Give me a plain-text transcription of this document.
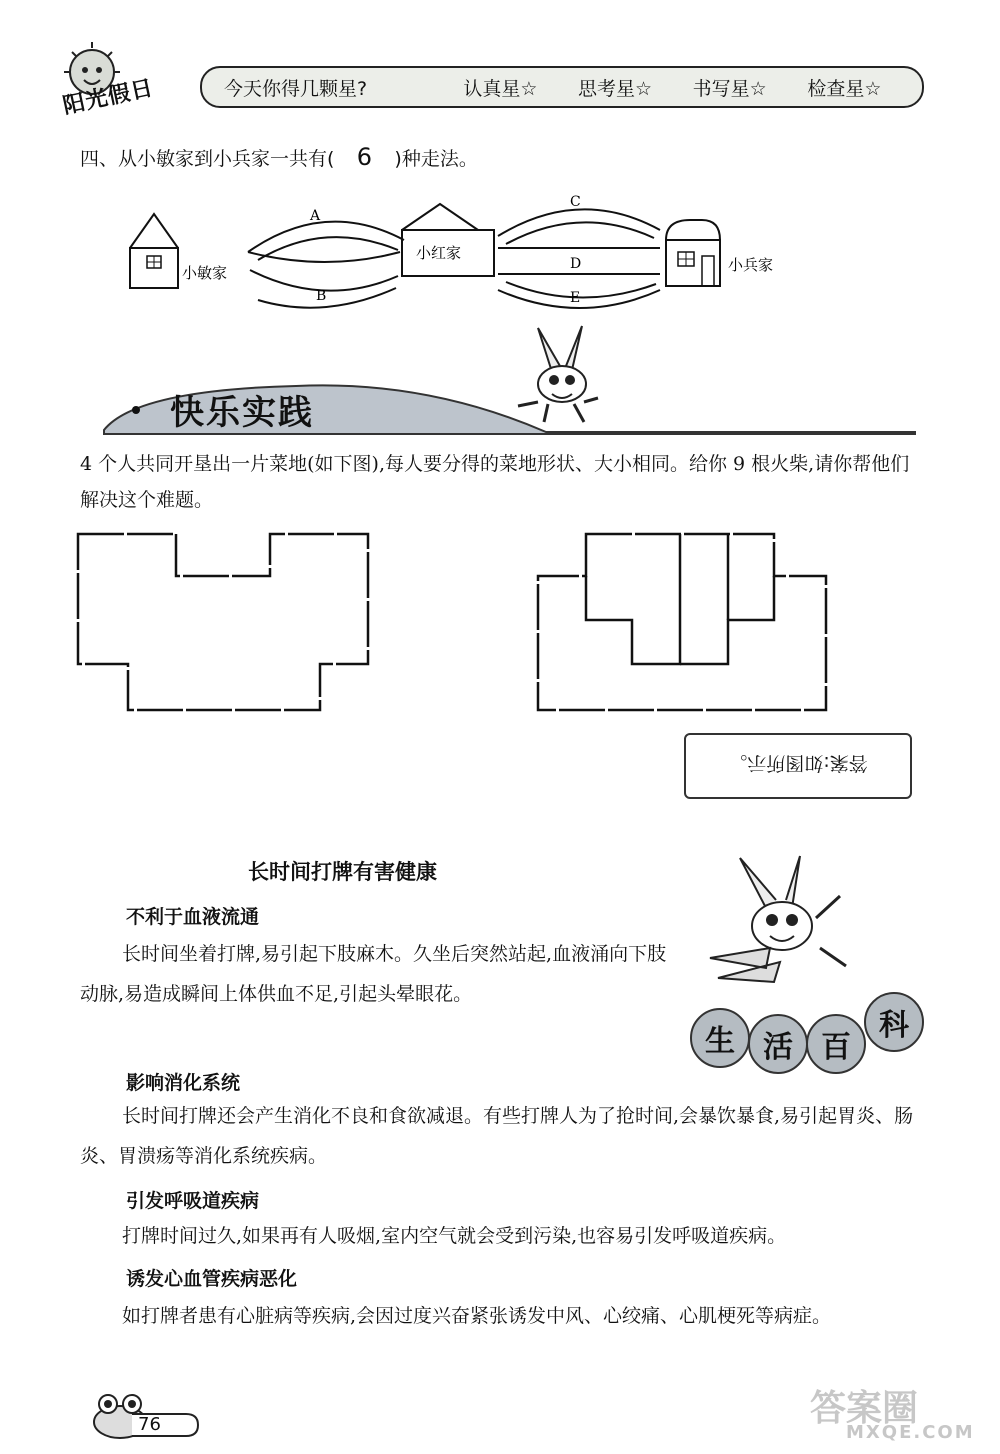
阳光假日	今天你得几颗星?	认真星☆	思考星☆	书写星☆	检查星☆
四、从小敏家到小兵家一共有( 6 )种走法。
小敏家
A
B
小红家
C
D
E
小兵家
快乐实践
4 个人共同开垦出一片菜地(如下图),每人要分得的菜地形状、大小相同。给你 9 根火柴,请你帮他们解决这个难题。
答案:如图所示。
长时间打牌有害健康
不利于血液流通
长时间坐着打牌,易引起下肢麻木。久坐后突然站起,血液涌向下肢动脉,易造成瞬间上体供血不足,引起头晕眼花。
生 活 百
科
影响消化系统
长时间打牌还会产生消化不良和食欲减退。有些打牌人为了抢时间,会暴饮暴食,易引起胃炎、肠炎、胃溃疡等消化系统疾病。
引发呼吸道疾病
打牌时间过久,如果再有人吸烟,室内空气就会受到污染,也容易引发呼吸道疾病。
诱发心血管疾病恶化
如打牌者患有心脏病等疾病,会因过度兴奋紧张诱发中风、心绞痛、心肌梗死等病症。
76	答案圈
MXQE.COM
